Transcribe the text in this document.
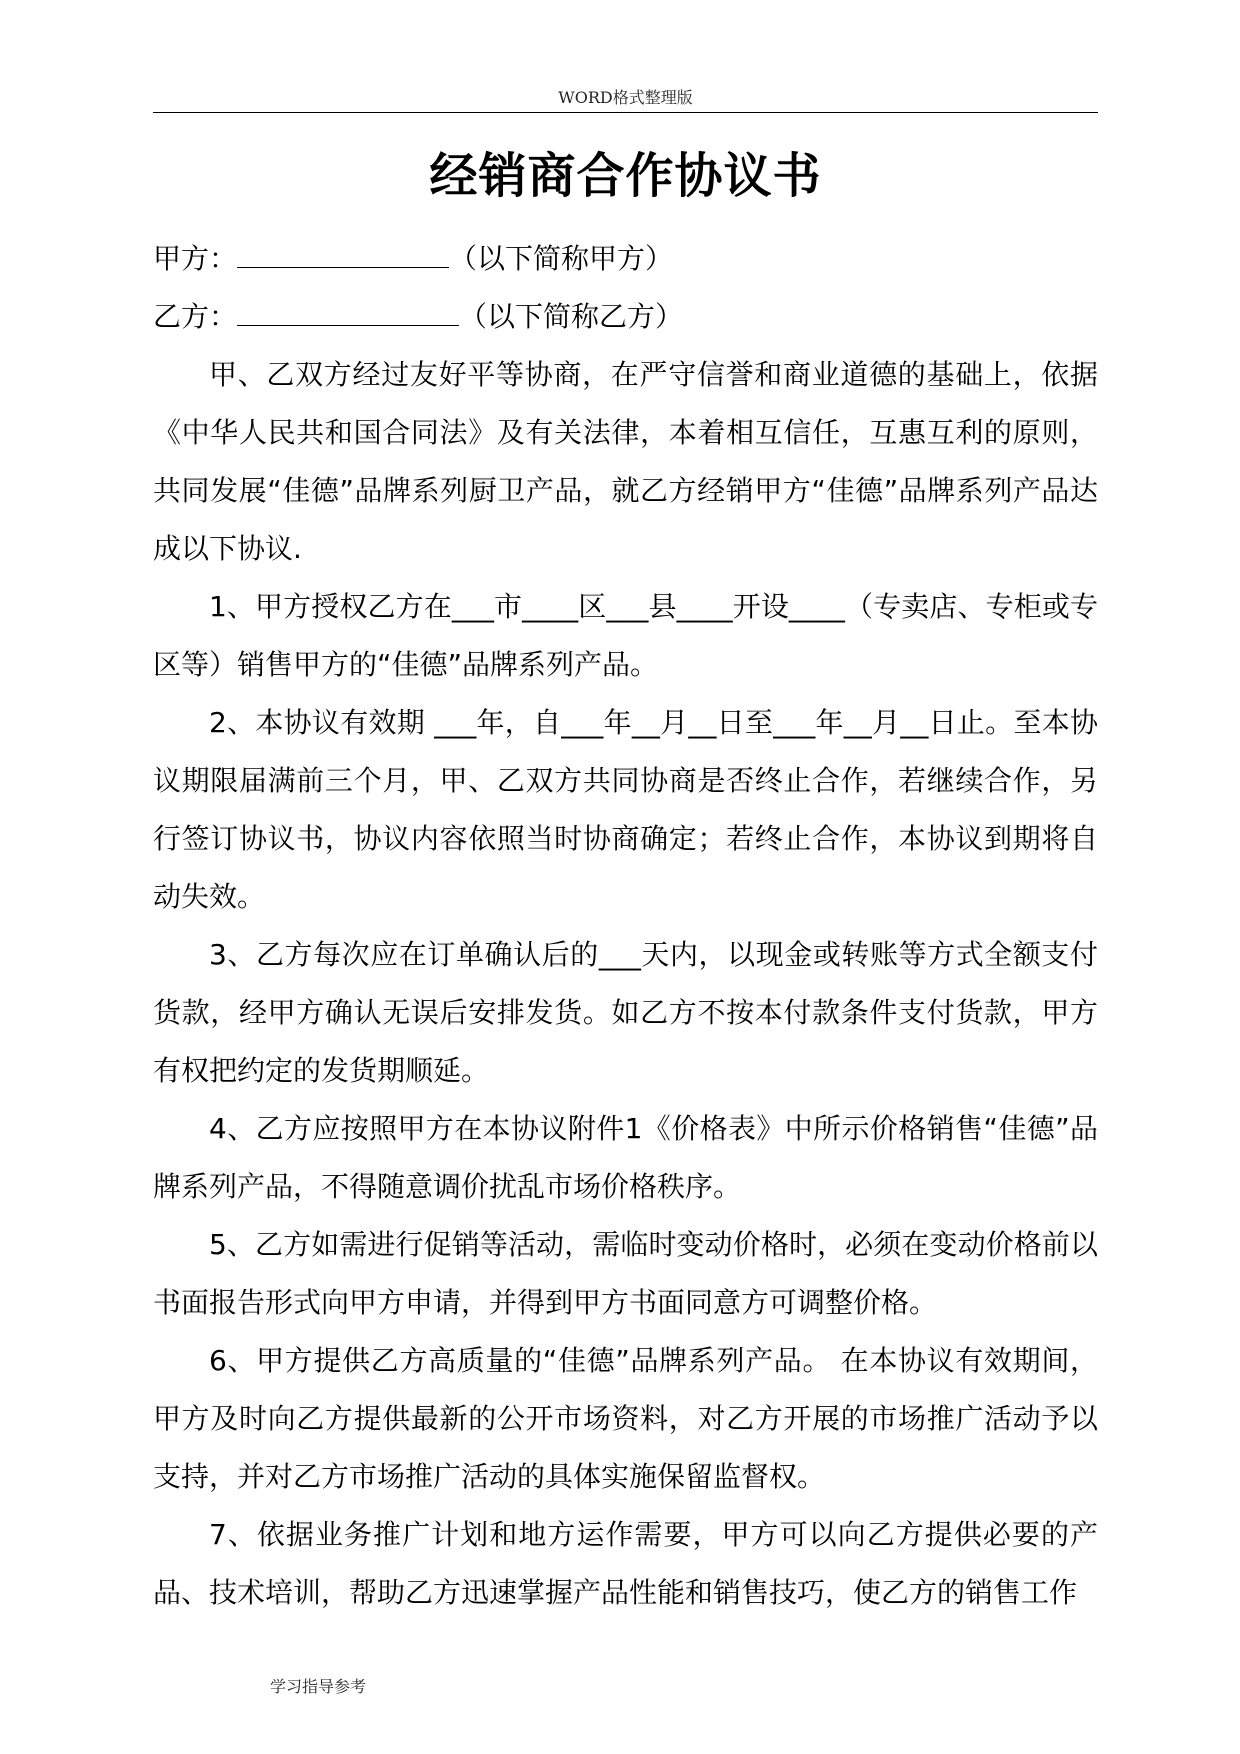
WORD格式整理版
经销商合作协议书

甲方：	（以下简称甲方）

乙方：	（以下简称乙方）

甲、乙双方经过友好平等协商，在严守信誉和商业道德的基础上，依据《中华人民共和国合同法》及有关法律，本着相互信任，互惠互利的原则，共同发展“佳德”品牌系列厨卫产品，就乙方经销甲方“佳德”品牌系列产品达成以下协议.

1、甲方授权乙方在___市____区___县____开设____（专卖店、专柜或专区等）销售甲方的“佳德”品牌系列产品。

2、本协议有效期 ___年，自___年__月__日至___年__月__日止。至本协议期限届满前三个月，甲、乙双方共同协商是否终止合作，若继续合作，另行签订协议书，协议内容依照当时协商确定；若终止合作，本协议到期将自动失效。

3、乙方每次应在订单确认后的___天内，以现金或转账等方式全额支付货款，经甲方确认无误后安排发货。如乙方不按本付款条件支付货款，甲方有权把约定的发货期顺延。

4、乙方应按照甲方在本协议附件1《价格表》中所示价格销售“佳德”品牌系列产品，不得随意调价扰乱市场价格秩序。

5、乙方如需进行促销等活动，需临时变动价格时，必须在变动价格前以书面报告形式向甲方申请，并得到甲方书面同意方可调整价格。

6、甲方提供乙方高质量的“佳德”品牌系列产品。 在本协议有效期间，甲方及时向乙方提供最新的公开市场资料，对乙方开展的市场推广活动予以支持，并对乙方市场推广活动的具体实施保留监督权。

7、依据业务推广计划和地方运作需要，甲方可以向乙方提供必要的产品、技术培训，帮助乙方迅速掌握产品性能和销售技巧，使乙方的销售工作

学习指导参考
